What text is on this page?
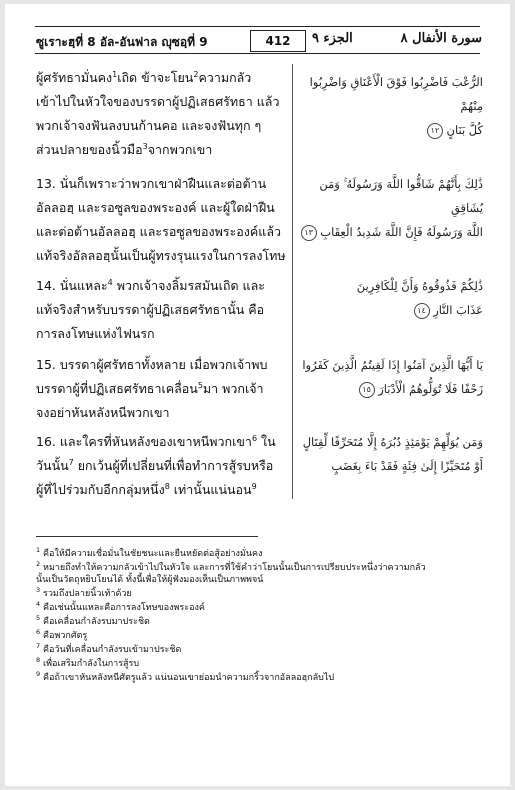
ซูเราะฮฺที่ 8 อัล-อันฟาล ญุซอฺที่ 9	412	الجزء ٩	سورة الأنفال ٨
ผู้ศรัทธามั่นคง$^1$เถิด ข้าจะโยน$^2$ความกลัว
เข้าไปในหัวใจของบรรดาผู้ปฏิเสธศรัทธา แล้ว
พวกเจ้าจงฟันลงบนก้านคอ และจงฟันทุก ๆ
ส่วนปลายของนิ้วมือ$^3$จากพวกเขา
13. นั่นก็เพราะว่าพวกเขาฝ่าฝืนและต่อต้าน
อัลลอฮฺ และรอซูลของพระองค์ และผู้ใดฝ่าฝืน
และต่อต้านอัลลอฮฺ และรอซูลของพระองค์แล้ว
แท้จริงอัลลอฮฺนั้นเป็นผู้ทรงรุนแรงในการลงโทษ
14. นั่นแหละ$^4$ พวกเจ้าจงลิ้มรสมันเถิด และ
แท้จริงสำหรับบรรดาผู้ปฏิเสธศรัทธานั้น คือ
การลงโทษแห่งไฟนรก
15. บรรดาผู้ศรัทธาทั้งหลาย เมื่อพวกเจ้าพบ
บรรดาผู้ที่ปฏิเสธศรัทธาเคลื่อน$^5$มา พวกเจ้า
จงอย่าหันหลังหนีพวกเขา
16. และใครที่หันหลังของเขาหนีพวกเขา$^6$ ใน
วันนั้น$^7$ ยกเว้นผู้ที่เปลี่ยนที่เพื่อทำการสู้รบหรือ
ผู้ที่ไปร่วมกับอีกกลุ่มหนึ่ง$^8$ เท่านั้นแน่นอน$^9$
الرُّعْبَ فَاضْرِبُوا فَوْقَ الْأَعْنَاقِ وَاضْرِبُوا مِنْهُمْ
كُلَّ بَنَانٍ ١٢
ذَٰلِكَ بِأَنَّهُمْ شَاقُّوا اللَّهَ وَرَسُولَهُ ۚ وَمَن يُشَاقِقِ
اللَّهَ وَرَسُولَهُ فَإِنَّ اللَّهَ شَدِيدُ الْعِقَابِ ١٣
ذَٰلِكُمْ فَذُوقُوهُ وَأَنَّ لِلْكَافِرِينَ
عَذَابَ النَّارِ ١٤
يَا أَيُّهَا الَّذِينَ آمَنُوا إِذَا لَقِيتُمُ الَّذِينَ كَفَرُوا
زَحْفًا فَلَا تُوَلُّوهُمُ الْأَدْبَارَ ١٥
وَمَن يُوَلِّهِمْ يَوْمَئِذٍ دُبُرَهُ إِلَّا مُتَحَرِّفًا لِّقِتَالٍ
أَوْ مُتَحَيِّزًا إِلَىٰ فِئَةٍ فَقَدْ بَاءَ بِغَضَبٍ
$^1$ คือให้มีความเชื่อมั่นในชัยชนะและยืนหยัดต่อสู้อย่างมั่นคง
$^2$ หมายถึงทำให้ความกลัวเข้าไปในหัวใจ และการที่ใช้คำว่าโยนนั้นเป็นการเปรียบประหนึ่งว่าความกลัว
นั้นเป็นวัตถุหยิบโยนได้ ทั้งนี้เพื่อให้ผู้ฟังมองเห็นเป็นภาพพจน์
$^3$ รวมถึงปลายนิ้วเท้าด้วย
$^4$ คือเช่นนั้นแหละคือการลงโทษของพระองค์
$^5$ คือเคลื่อนกำลังรบมาประชิด
$^6$ คือพวกศัตรู
$^7$ คือวันที่เคลื่อนกำลังรบเข้ามาประชิด
$^8$ เพื่อเสริมกำลังในการสู้รบ
$^9$ คือถ้าเขาหันหลังหนีศัตรูแล้ว แน่นอนเขาย่อมนำความกริ้วจากอัลลอฮฺกลับไป
